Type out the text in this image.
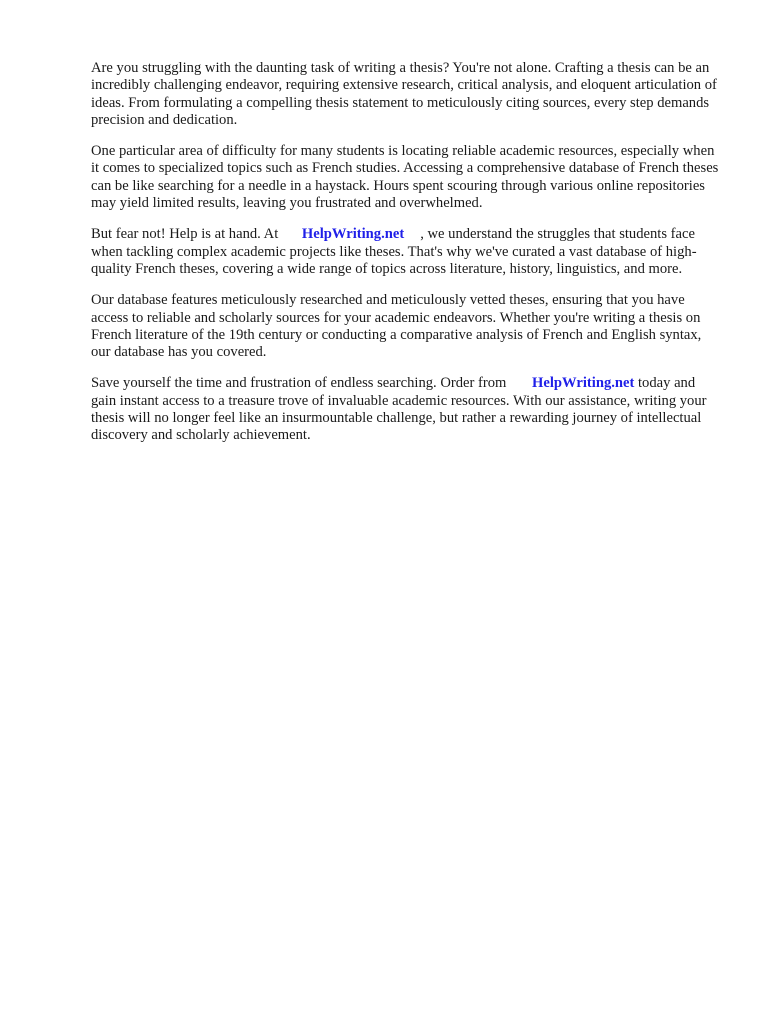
Are you struggling with the daunting task of writing a thesis? You're not alone. Crafting a thesis can be an incredibly challenging endeavor, requiring extensive research, critical analysis, and eloquent articulation of ideas. From formulating a compelling thesis statement to meticulously citing sources, every step demands precision and dedication.

One particular area of difficulty for many students is locating reliable academic resources, especially when it comes to specialized topics such as French studies. Accessing a comprehensive database of French theses can be like searching for a needle in a haystack. Hours spent scouring through various online repositories may yield limited results, leaving you frustrated and overwhelmed.

But fear not! Help is at hand. At HelpWriting.net , we understand the struggles that students face when tackling complex academic projects like theses. That's why we've curated a vast database of high-quality French theses, covering a wide range of topics across literature, history, linguistics, and more.

Our database features meticulously researched and meticulously vetted theses, ensuring that you have access to reliable and scholarly sources for your academic endeavors. Whether you're writing a thesis on French literature of the 19th century or conducting a comparative analysis of French and English syntax, our database has you covered.

Save yourself the time and frustration of endless searching. Order from HelpWriting.net today and gain instant access to a treasure trove of invaluable academic resources. With our assistance, writing your thesis will no longer feel like an insurmountable challenge, but rather a rewarding journey of intellectual discovery and scholarly achievement.
